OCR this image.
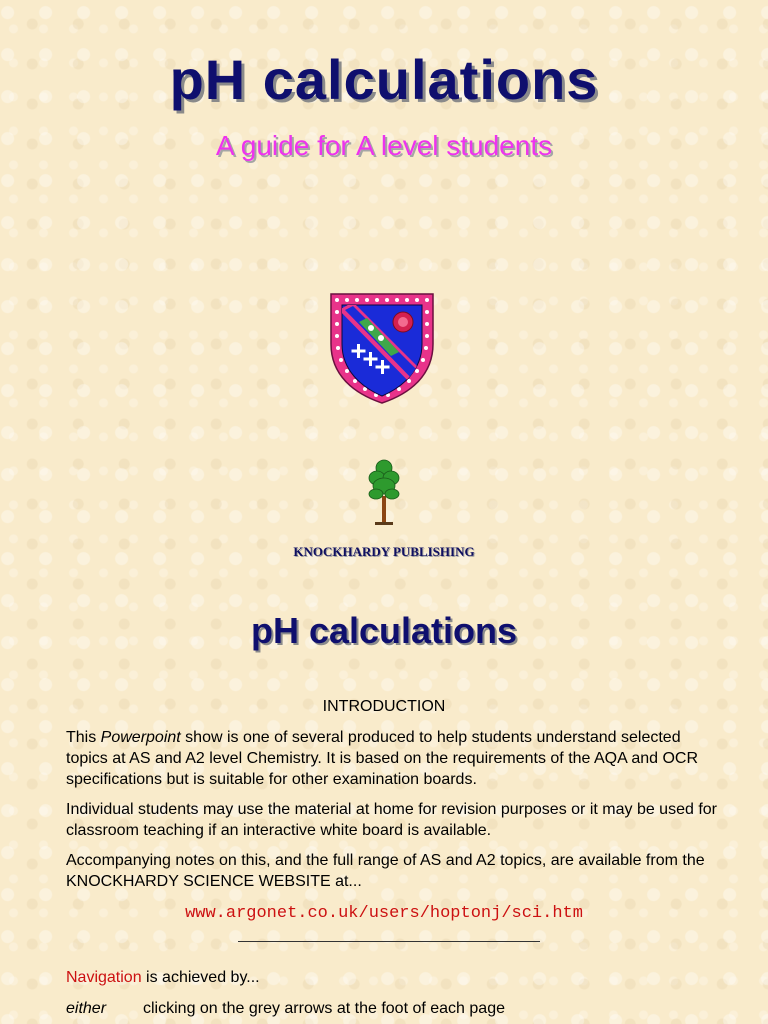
pH calculations
A guide for A level students
KNOCKHARDY PUBLISHING
pH calculations
INTRODUCTION
This Powerpoint show is one of several produced to help students understand selected topics at AS and A2 level Chemistry. It is based on the requirements of the AQA and OCR specifications but is suitable for other examination boards.
Individual students may use the material at home for revision purposes or it may be used for classroom teaching if an interactive white board is available.
Accompanying notes on this, and the full range of AS and A2 topics, are available from the KNOCKHARDY SCIENCE WEBSITE at...
www.argonet.co.uk/users/hoptonj/sci.htm
Navigation is achieved by...
either clicking on the grey arrows at the foot of each page
